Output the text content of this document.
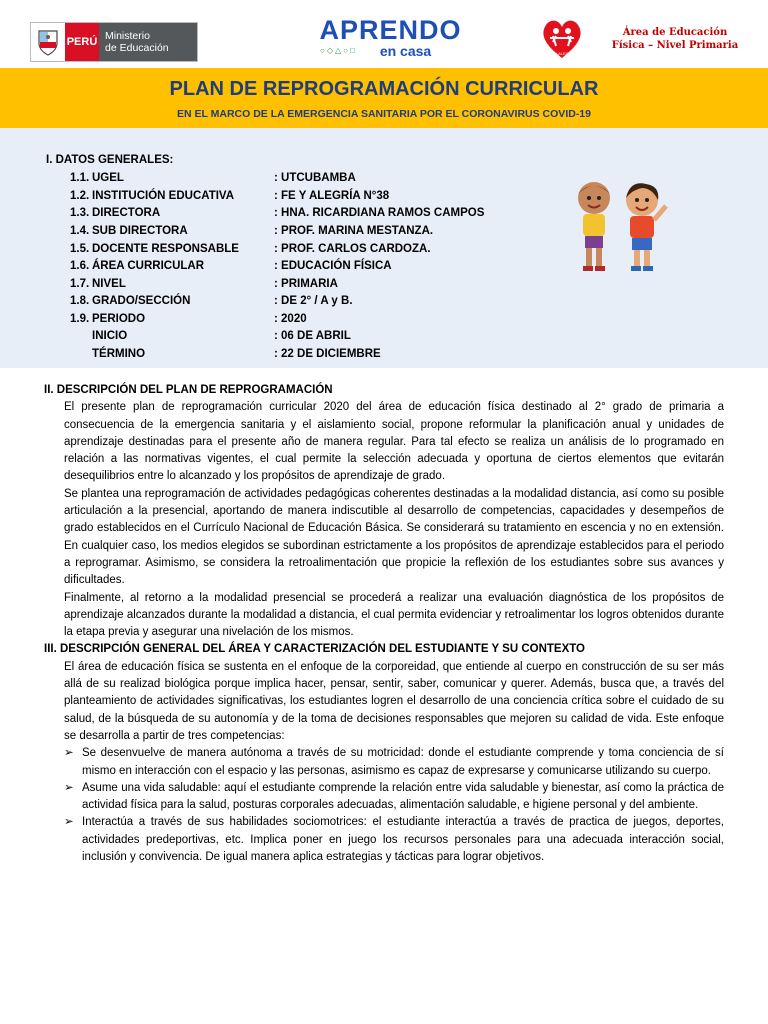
PERÚ Ministerio
de Educación
APRENDO
○◇△○□	en casa	FE Y ALEGRÍA
Área de Educación
Física – Nivel Primaria
PLAN DE REPROGRAMACIÓN CURRICULAR
EN EL MARCO DE LA EMERGENCIA SANITARIA POR EL CORONAVIRUS COVID-19
I. DATOS GENERALES:
1.1. UGEL	: UTCUBAMBA
1.2. INSTITUCIÓN EDUCATIVA	: FE Y ALEGRÍA N°38
1.3. DIRECTORA	: HNA. RICARDIANA RAMOS CAMPOS
1.4. SUB DIRECTORA	: PROF. MARINA MESTANZA.
1.5. DOCENTE RESPONSABLE	: PROF. CARLOS CARDOZA.
1.6. ÁREA CURRICULAR	: EDUCACIÓN FÍSICA
1.7. NIVEL	: PRIMARIA
1.8. GRADO/SECCIÓN	: DE 2° / A y B.
1.9. PERIODO	: 2020
INICIO	: 06 DE ABRIL
TÉRMINO	: 22 DE DICIEMBRE
II. DESCRIPCIÓN DEL PLAN DE REPROGRAMACIÓN
El presente plan de reprogramación curricular 2020 del área de educación física destinado al 2° grado de primaria a consecuencia de la emergencia sanitaria y el aislamiento social, propone reformular la planificación anual y unidades de aprendizaje destinadas para el presente año de manera regular. Para tal efecto se realiza un análisis de lo programado en relación a las normativas vigentes, el cual permite la selección adecuada y oportuna de ciertos elementos que evitarán desequilibrios entre lo alcanzado y los propósitos de aprendizaje de grado.
Se plantea una reprogramación de actividades pedagógicas coherentes destinadas a la modalidad distancia, así como su posible articulación a la presencial, aportando de manera indiscutible al desarrollo de competencias, capacidades y desempeños de grado establecidos en el Currículo Nacional de Educación Básica. Se considerará su tratamiento en escencia y no en extensión. En cualquier caso, los medios elegidos se subordinan estrictamente a los propósitos de aprendizaje establecidos para el periodo a reprogramar. Asimismo, se considera la retroalimentación que propicie la reflexión de los estudiantes sobre sus avances y dificultades.
Finalmente, al retorno a la modalidad presencial se procederá a realizar una evaluación diagnóstica de los propósitos de aprendizaje alcanzados durante la modalidad a distancia, el cual permita evidenciar y retroalimentar los logros obtenidos durante la etapa previa y asegurar una nivelación de los mismos.
III. DESCRIPCIÓN GENERAL DEL ÁREA Y CARACTERIZACIÓN DEL ESTUDIANTE Y SU CONTEXTO
El área de educación física se sustenta en el enfoque de la corporeidad, que entiende al cuerpo en construcción de su ser más allá de su realizad biológica porque implica hacer, pensar, sentir, saber, comunicar y querer. Además, busca que, a través del planteamiento de actividades significativas, los estudiantes logren el desarrollo de una conciencia crítica sobre el cuidado de su salud, de la búsqueda de su autonomía y de la toma de decisiones responsables que mejoren su calidad de vida. Este enfoque se desarrolla a partir de tres competencias:
➢ Se desenvuelve de manera autónoma a través de su motricidad: donde el estudiante comprende y toma conciencia de sí mismo en interacción con el espacio y las personas, asimismo es capaz de expresarse y comunicarse utilizando su cuerpo.
➢ Asume una vida saludable: aquí el estudiante comprende la relación entre vida saludable y bienestar, así como la práctica de actividad física para la salud, posturas corporales adecuadas, alimentación saludable, e higiene personal y del ambiente.
➢ Interactúa a través de sus habilidades sociomotrices: el estudiante interactúa a través de practica de juegos, deportes, actividades predeportivas, etc. Implica poner en juego los recursos personales para una adecuada interacción social, inclusión y convivencia. De igual manera aplica estrategias y tácticas para lograr objetivos.
